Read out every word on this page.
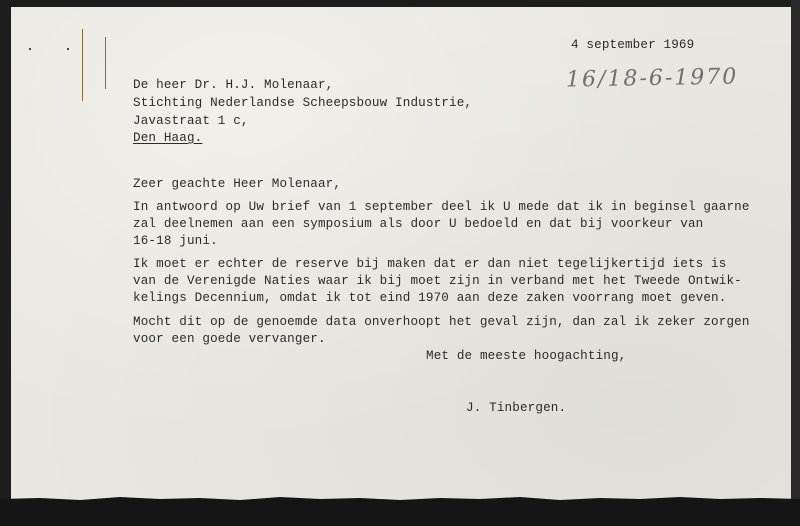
4 september 1969
16/18-6-1970
De heer Dr. H.J. Molenaar,
Stichting Nederlandse Scheepsbouw Industrie,
Javastraat 1 c,
Den Haag.
Zeer geachte Heer Molenaar,
In antwoord op Uw brief van 1 september deel ik U mede dat ik in beginsel gaarne
zal deelnemen aan een symposium als door U bedoeld en dat bij voorkeur van
16-18 juni.
Ik moet er echter de reserve bij maken dat er dan niet tegelijkertijd iets is
van de Verenigde Naties waar ik bij moet zijn in verband met het Tweede Ontwik-
kelings Decennium, omdat ik tot eind 1970 aan deze zaken voorrang moet geven.
Mocht dit op de genoemde data onverhoopt het geval zijn, dan zal ik zeker zorgen
voor een goede vervanger.
Met de meeste hoogachting,
J. Tinbergen.
